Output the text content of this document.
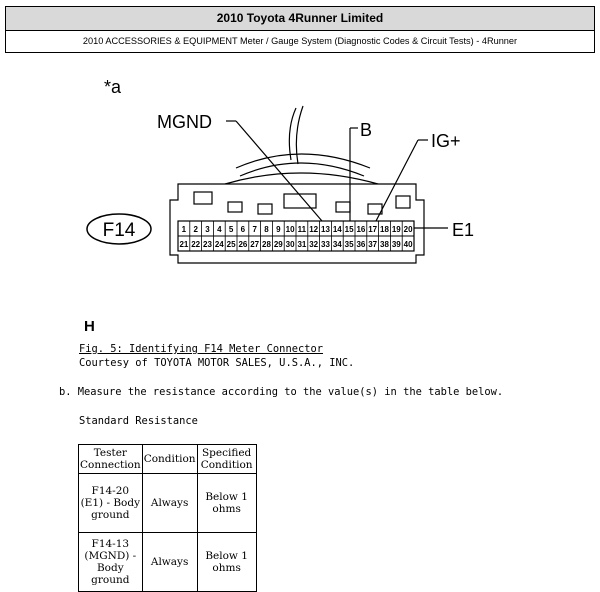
2010 Toyota 4Runner Limited
2010 ACCESSORIES & EQUIPMENT Meter / Gauge System (Diagnostic Codes & Circuit Tests) - 4Runner
*a
1 2 3 4 5 6 7 8 9 10 11 12 13 14 15 16 17 18 19 20
21 22 23 24 25 26 27 28 29 30 31 32 33 34 35 36 37 38 39 40
F14
MGND	B
IG+
E1
H
Fig. 5: Identifying F14 Meter Connector
Courtesy of TOYOTA MOTOR SALES, U.S.A., INC.
b. Measure the resistance according to the value(s) in the table below.
Standard Resistance
Tester Connection	Condition	Specified Condition
F14-20 (E1) - Body ground	Always	Below 1 ohms
F14-13 (MGND) - Body ground	Always	Below 1 ohms
